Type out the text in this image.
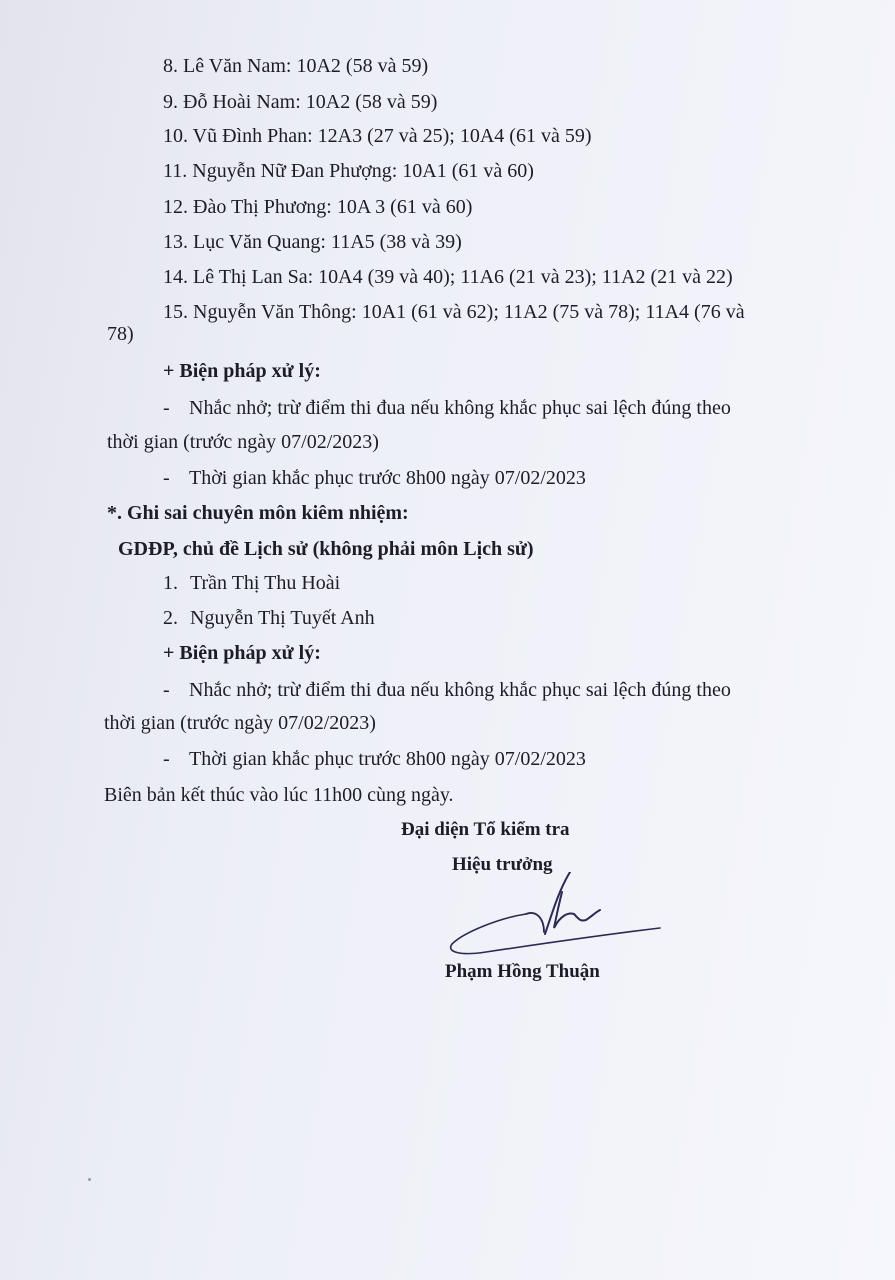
8. Lê Văn Nam: 10A2 (58 và 59)
9. Đỗ Hoài Nam: 10A2 (58 và 59)
10. Vũ Đình Phan: 12A3 (27 và 25); 10A4 (61 và 59)
11. Nguyễn Nữ Đan Phượng: 10A1 (61 và 60)
12. Đào Thị Phương: 10A 3 (61 và 60)
13. Lục Văn Quang: 11A5 (38 và 39)
14. Lê Thị Lan Sa: 10A4 (39 và 40); 11A6 (21 và 23); 11A2 (21 và 22)
15. Nguyễn Văn Thông: 10A1 (61 và 62); 11A2 (75 và 78); 11A4 (76 và
78)
+ Biện pháp xử lý:
- Nhắc nhở; trừ điểm thi đua nếu không khắc phục sai lệch đúng theo
thời gian (trước ngày 07/02/2023)
- Thời gian khắc phục trước 8h00 ngày 07/02/2023
*. Ghi sai chuyên môn kiêm nhiệm:
GDĐP, chủ đề Lịch sử (không phải môn Lịch sử)
1. Trần Thị Thu Hoài
2. Nguyễn Thị Tuyết Anh
+ Biện pháp xử lý:
- Nhắc nhở; trừ điểm thi đua nếu không khắc phục sai lệch đúng theo
thời gian (trước ngày 07/02/2023)
- Thời gian khắc phục trước 8h00 ngày 07/02/2023
Biên bản kết thúc vào lúc 11h00 cùng ngày.
Đại diện Tổ kiểm tra
Hiệu trưởng
Phạm Hồng Thuận
